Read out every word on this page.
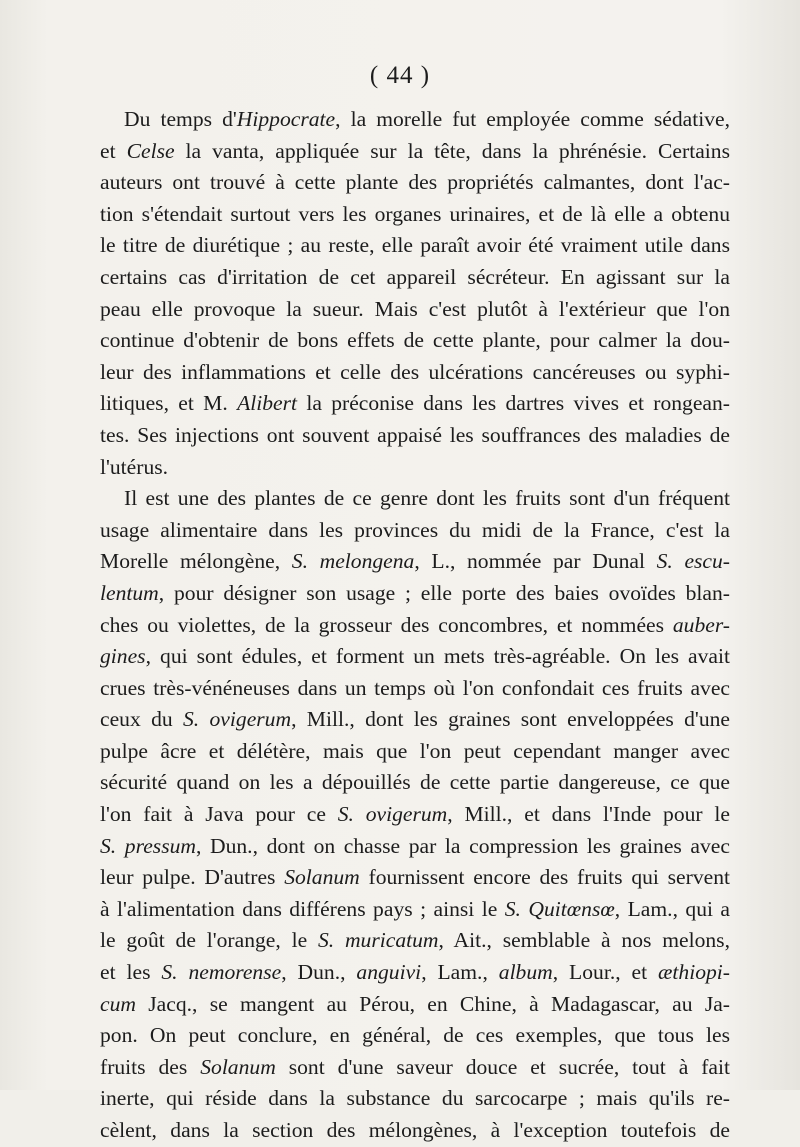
( 44 )
Du temps d'Hippocrate, la morelle fut employée comme sédative,
et Celse la vanta, appliquée sur la tête, dans la phrénésie. Certains
auteurs ont trouvé à cette plante des propriétés calmantes, dont l'ac-
tion s'étendait surtout vers les organes urinaires, et de là elle a obtenu
le titre de diurétique ; au reste, elle paraît avoir été vraiment utile dans
certains cas d'irritation de cet appareil sécréteur. En agissant sur la
peau elle provoque la sueur. Mais c'est plutôt à l'extérieur que l'on
continue d'obtenir de bons effets de cette plante, pour calmer la dou-
leur des inflammations et celle des ulcérations cancéreuses ou syphi-
litiques, et M. Alibert la préconise dans les dartres vives et rongean-
tes. Ses injections ont souvent appaisé les souffrances des maladies de
l'utérus.
Il est une des plantes de ce genre dont les fruits sont d'un fréquent
usage alimentaire dans les provinces du midi de la France, c'est la
Morelle mélongène, S. melongena, L., nommée par Dunal S. escu-
lentum, pour désigner son usage ; elle porte des baies ovoïdes blan-
ches ou violettes, de la grosseur des concombres, et nommées auber-
gines, qui sont édules, et forment un mets très-agréable. On les avait
crues très-vénéneuses dans un temps où l'on confondait ces fruits avec
ceux du S. ovigerum, Mill., dont les graines sont enveloppées d'une
pulpe âcre et délétère, mais que l'on peut cependant manger avec
sécurité quand on les a dépouillés de cette partie dangereuse, ce que
l'on fait à Java pour ce S. ovigerum, Mill., et dans l'Inde pour le
S. pressum, Dun., dont on chasse par la compression les graines avec
leur pulpe. D'autres Solanum fournissent encore des fruits qui servent
à l'alimentation dans différens pays ; ainsi le S. Quitœnsœ, Lam., qui a
le goût de l'orange, le S. muricatum, Ait., semblable à nos melons,
et les S. nemorense, Dun., anguivi, Lam., album, Lour., et æthiopi-
cum Jacq., se mangent au Pérou, en Chine, à Madagascar, au Ja-
pon. On peut conclure, en général, de ces exemples, que tous les
fruits des Solanum sont d'une saveur douce et sucrée, tout à fait
inerte, qui réside dans la substance du sarcocarpe ; mais qu'ils re-
cèlent, dans la section des mélongènes, à l'exception toutefois de
